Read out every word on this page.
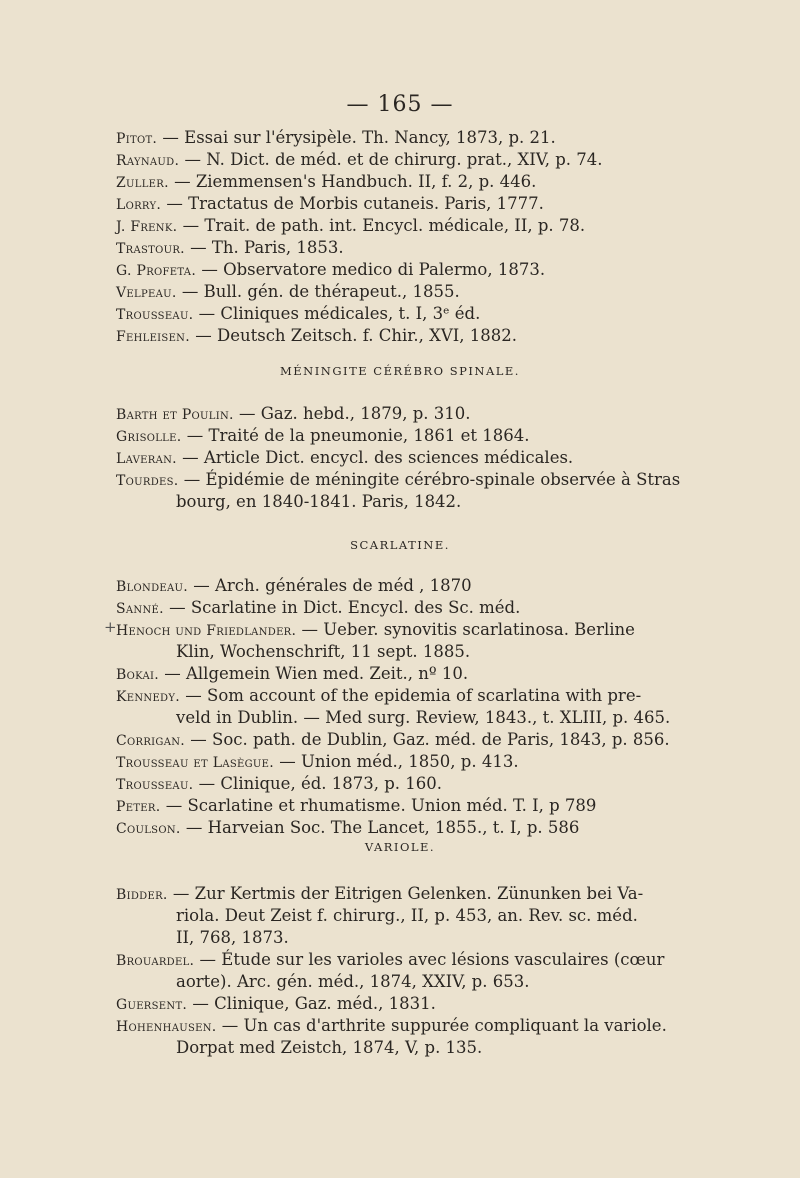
— 165 —
Pitot. — Essai sur l'érysipèle. Th. Nancy, 1873, p. 21.
Raynaud. — N. Dict. de méd. et de chirurg. prat., XIV, p. 74.
Zuller. — Ziemmensen's Handbuch. II, f. 2, p. 446.
Lorry. — Tractatus de Morbis cutaneis. Paris, 1777.
J. Frenk. — Trait. de path. int. Encycl. médicale, II, p. 78.
Trastour. — Th. Paris, 1853.
G. Profeta. — Observatore medico di Palermo, 1873.
Velpeau. — Bull. gén. de thérapeut., 1855.
Trousseau. — Cliniques médicales, t. I, 3ᵉ éd.
Fehleisen. — Deutsch Zeitsch. f. Chir., XVI, 1882.
MÉNINGITE CÉRÉBRO SPINALE.
Barth et Poulin. — Gaz. hebd., 1879, p. 310.
Grisolle. — Traité de la pneumonie, 1861 et 1864.
Laveran. — Article Dict. encycl. des sciences médicales.
Tourdes. — Épidémie de méningite cérébro-spinale observée à Stras
bourg, en 1840-1841. Paris, 1842.
SCARLATINE.
Blondeau. — Arch. générales de méd , 1870
Sanné. — Scarlatine in Dict. Encycl. des Sc. méd.
+ Henoch und Friedlander. — Ueber. synovitis scarlatinosa. Berline
Klin, Wochenschrift, 11 sept. 1885.
Bokai. — Allgemein Wien med. Zeit., nº 10.
Kennedy. — Som account of the epidemia of scarlatina with pre-
veld in Dublin. — Med surg. Review, 1843., t. XLIII, p. 465.
Corrigan. — Soc. path. de Dublin, Gaz. méd. de Paris, 1843, p. 856.
Trousseau et Lasègue. — Union méd., 1850, p. 413.
Trousseau. — Clinique, éd. 1873, p. 160.
Peter. — Scarlatine et rhumatisme. Union méd. T. I, p 789
Coulson. — Harveian Soc. The Lancet, 1855., t. I, p. 586
VARIOLE.
Bidder. — Zur Kertmis der Eitrigen Gelenken. Zünunken bei Va-
riola. Deut Zeist f. chirurg., II, p. 453, an. Rev. sc. méd.
II, 768, 1873.
Brouardel. — Étude sur les varioles avec lésions vasculaires (cœur
aorte). Arc. gén. méd., 1874, XXIV, p. 653.
Guersent. — Clinique, Gaz. méd., 1831.
Hohenhausen. — Un cas d'arthrite suppurée compliquant la variole.
Dorpat med Zeistch, 1874, V, p. 135.
